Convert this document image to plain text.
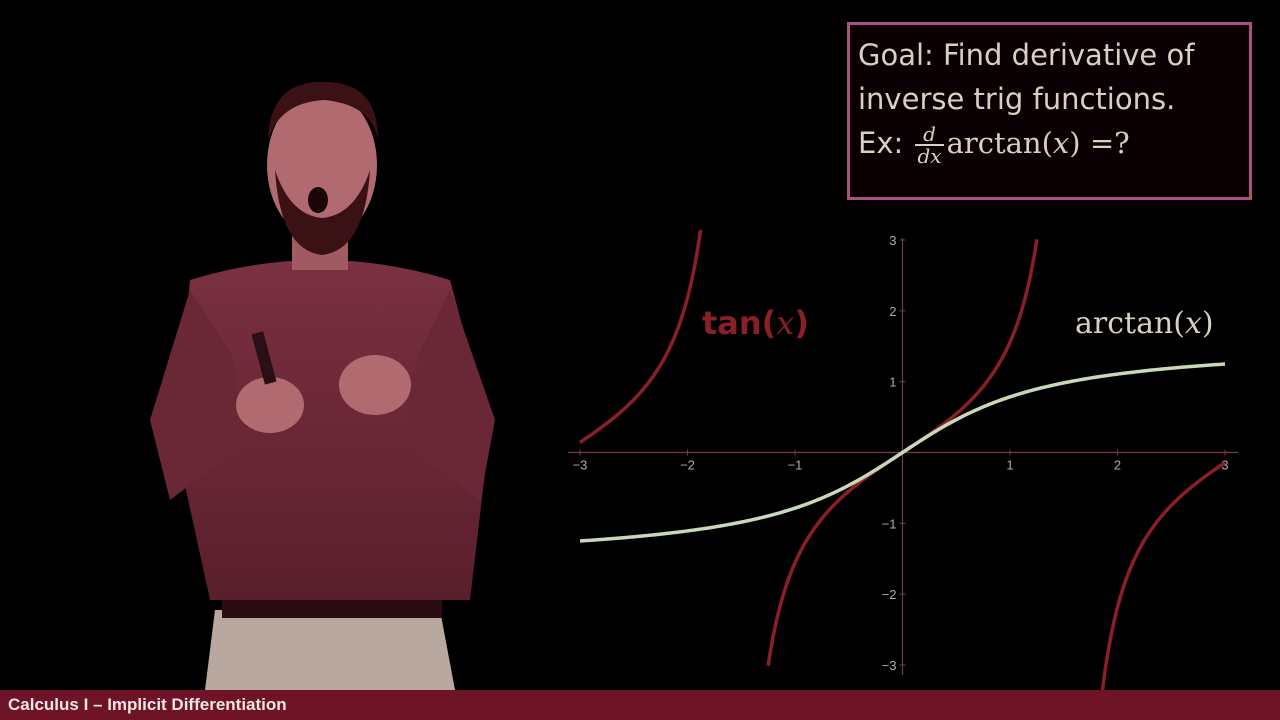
Goal: Find derivative of
inverse trig functions.
Ex: $\frac{d}{dx} \arctan(x)$ =?
−3	−2	−1	1	2	3
−3
−2
−1
1
2
3
tan(x)	arctan(x)
Calculus I – Implicit Differentiation
